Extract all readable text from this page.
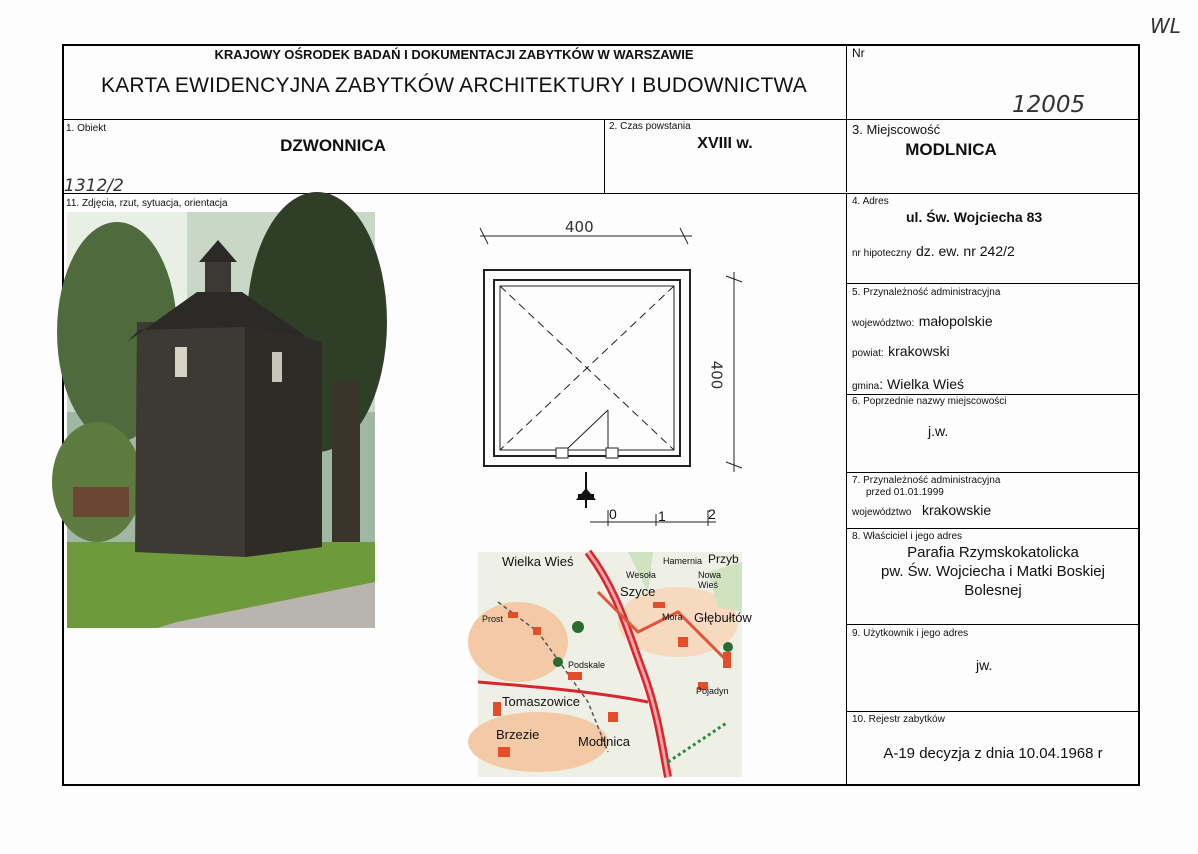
WL
KRAJOWY OŚRODEK BADAŃ I DOKUMENTACJI ZABYTKÓW W WARSZAWIE
KARTA EWIDENCYJNA ZABYTKÓW ARCHITEKTURY I BUDOWNICTWA
Nr
12005
1. Obiekt
DZWONNICA
1312/2
2. Czas powstania
XVIII w.
3. Miejscowość
MODLNICA
11. Zdjęcia, rzut, sytuacja, orientacja	4. Adres
ul. Św. Wojciecha 83
nr hipoteczny dz. ew. nr 242/2
5. Przynależność administracyjna
województwo: małopolskie
powiat: krakowski
gmina: Wielka Wieś
6. Poprzednie nazwy miejscowości
j.w.
7. Przynależność administracyjna
przed 01.01.1999
województwo krakowskie
8. Właściciel i jego adres
Parafia Rzymskokatolicka
pw. Św. Wojciecha i Matki Boskiej
Bolesnej
9. Użytkownik i jego adres
jw.
10. Rejestr zabytków
A-19 decyzja z dnia 10.04.1968 r
400
400
0	1	2
Wielka Wieś
Szyce
Wesoła
Głębułtów
Tomaszowice
Brzezie	Modlnica
Podskale
Pojadyn
Przyb
Hamernia
Nowa Wieś
Prost	Mora
